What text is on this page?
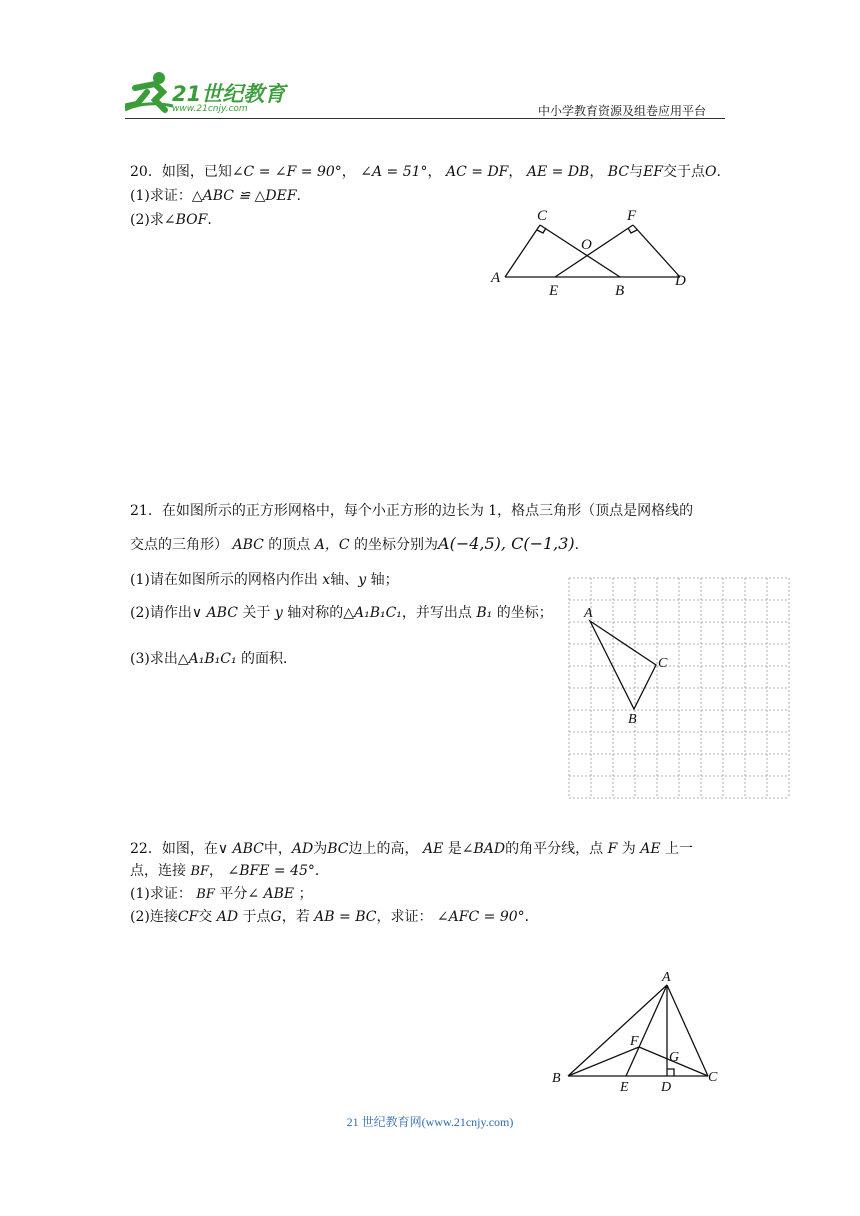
21世纪教育
www.21cnjy.com	中小学教育资源及组卷应用平台
20．如图，已知∠C = ∠F = 90°， ∠A = 51°， AC = DF， AE = DB， BC与EF交于点O.
(1)求证：△ABC ≌ △DEF.
(2)求∠BOF.
A
C	F
O
E	B
D
21．在如图所示的正方形网格中，每个小正方形的边长为 1，格点三角形（顶点是网格线的
交点的三角形） ABC 的顶点 A，C 的坐标分别为A(−4,5), C(−1,3).
(1)请在如图所示的网格内作出 x轴、y 轴；
(2)请作出∨ ABC 关于 y 轴对称的△A₁B₁C₁，并写出点 B₁ 的坐标；
(3)求出△A₁B₁C₁ 的面积．
A
C
B
22．如图，在∨ ABC中，AD为BC边上的高， AE 是∠BAD的角平分线，点 F 为 AE 上一
点，连接 BF， ∠BFE = 45°．
(1)求证： BF 平分∠ ABE ；
(2)连接CF交 AD 于点G，若 AB = BC，求证： ∠AFC = 90°．
A
B	C
D
E
F
G
21 世纪教育网(www.21cnjy.com)
